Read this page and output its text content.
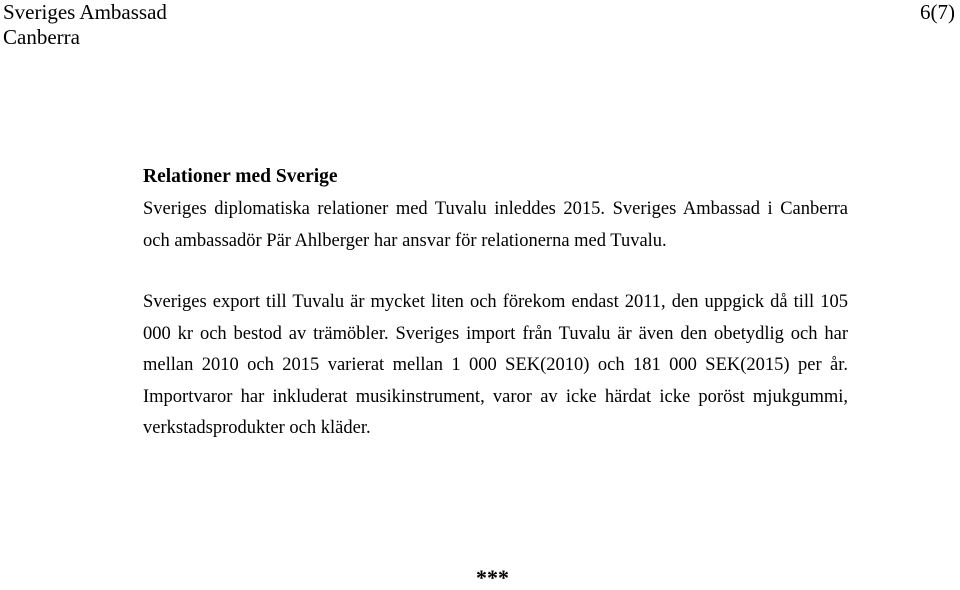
Sveriges Ambassad
Canberra
6(7)
Relationer med Sverige

Sveriges diplomatiska relationer med Tuvalu inleddes 2015. Sveriges Ambassad i Canberra och ambassadör Pär Ahlberger har ansvar för relationerna med Tuvalu.

Sveriges export till Tuvalu är mycket liten och förekom endast 2011, den uppgick då till 105 000 kr och bestod av trämöbler. Sveriges import från Tuvalu är även den obetydlig och har mellan 2010 och 2015 varierat mellan 1 000 SEK(2010) och 181 000 SEK(2015) per år. Importvaror har inkluderat musikinstrument, varor av icke härdat icke poröst mjukgummi, verkstadsprodukter och kläder.

***
